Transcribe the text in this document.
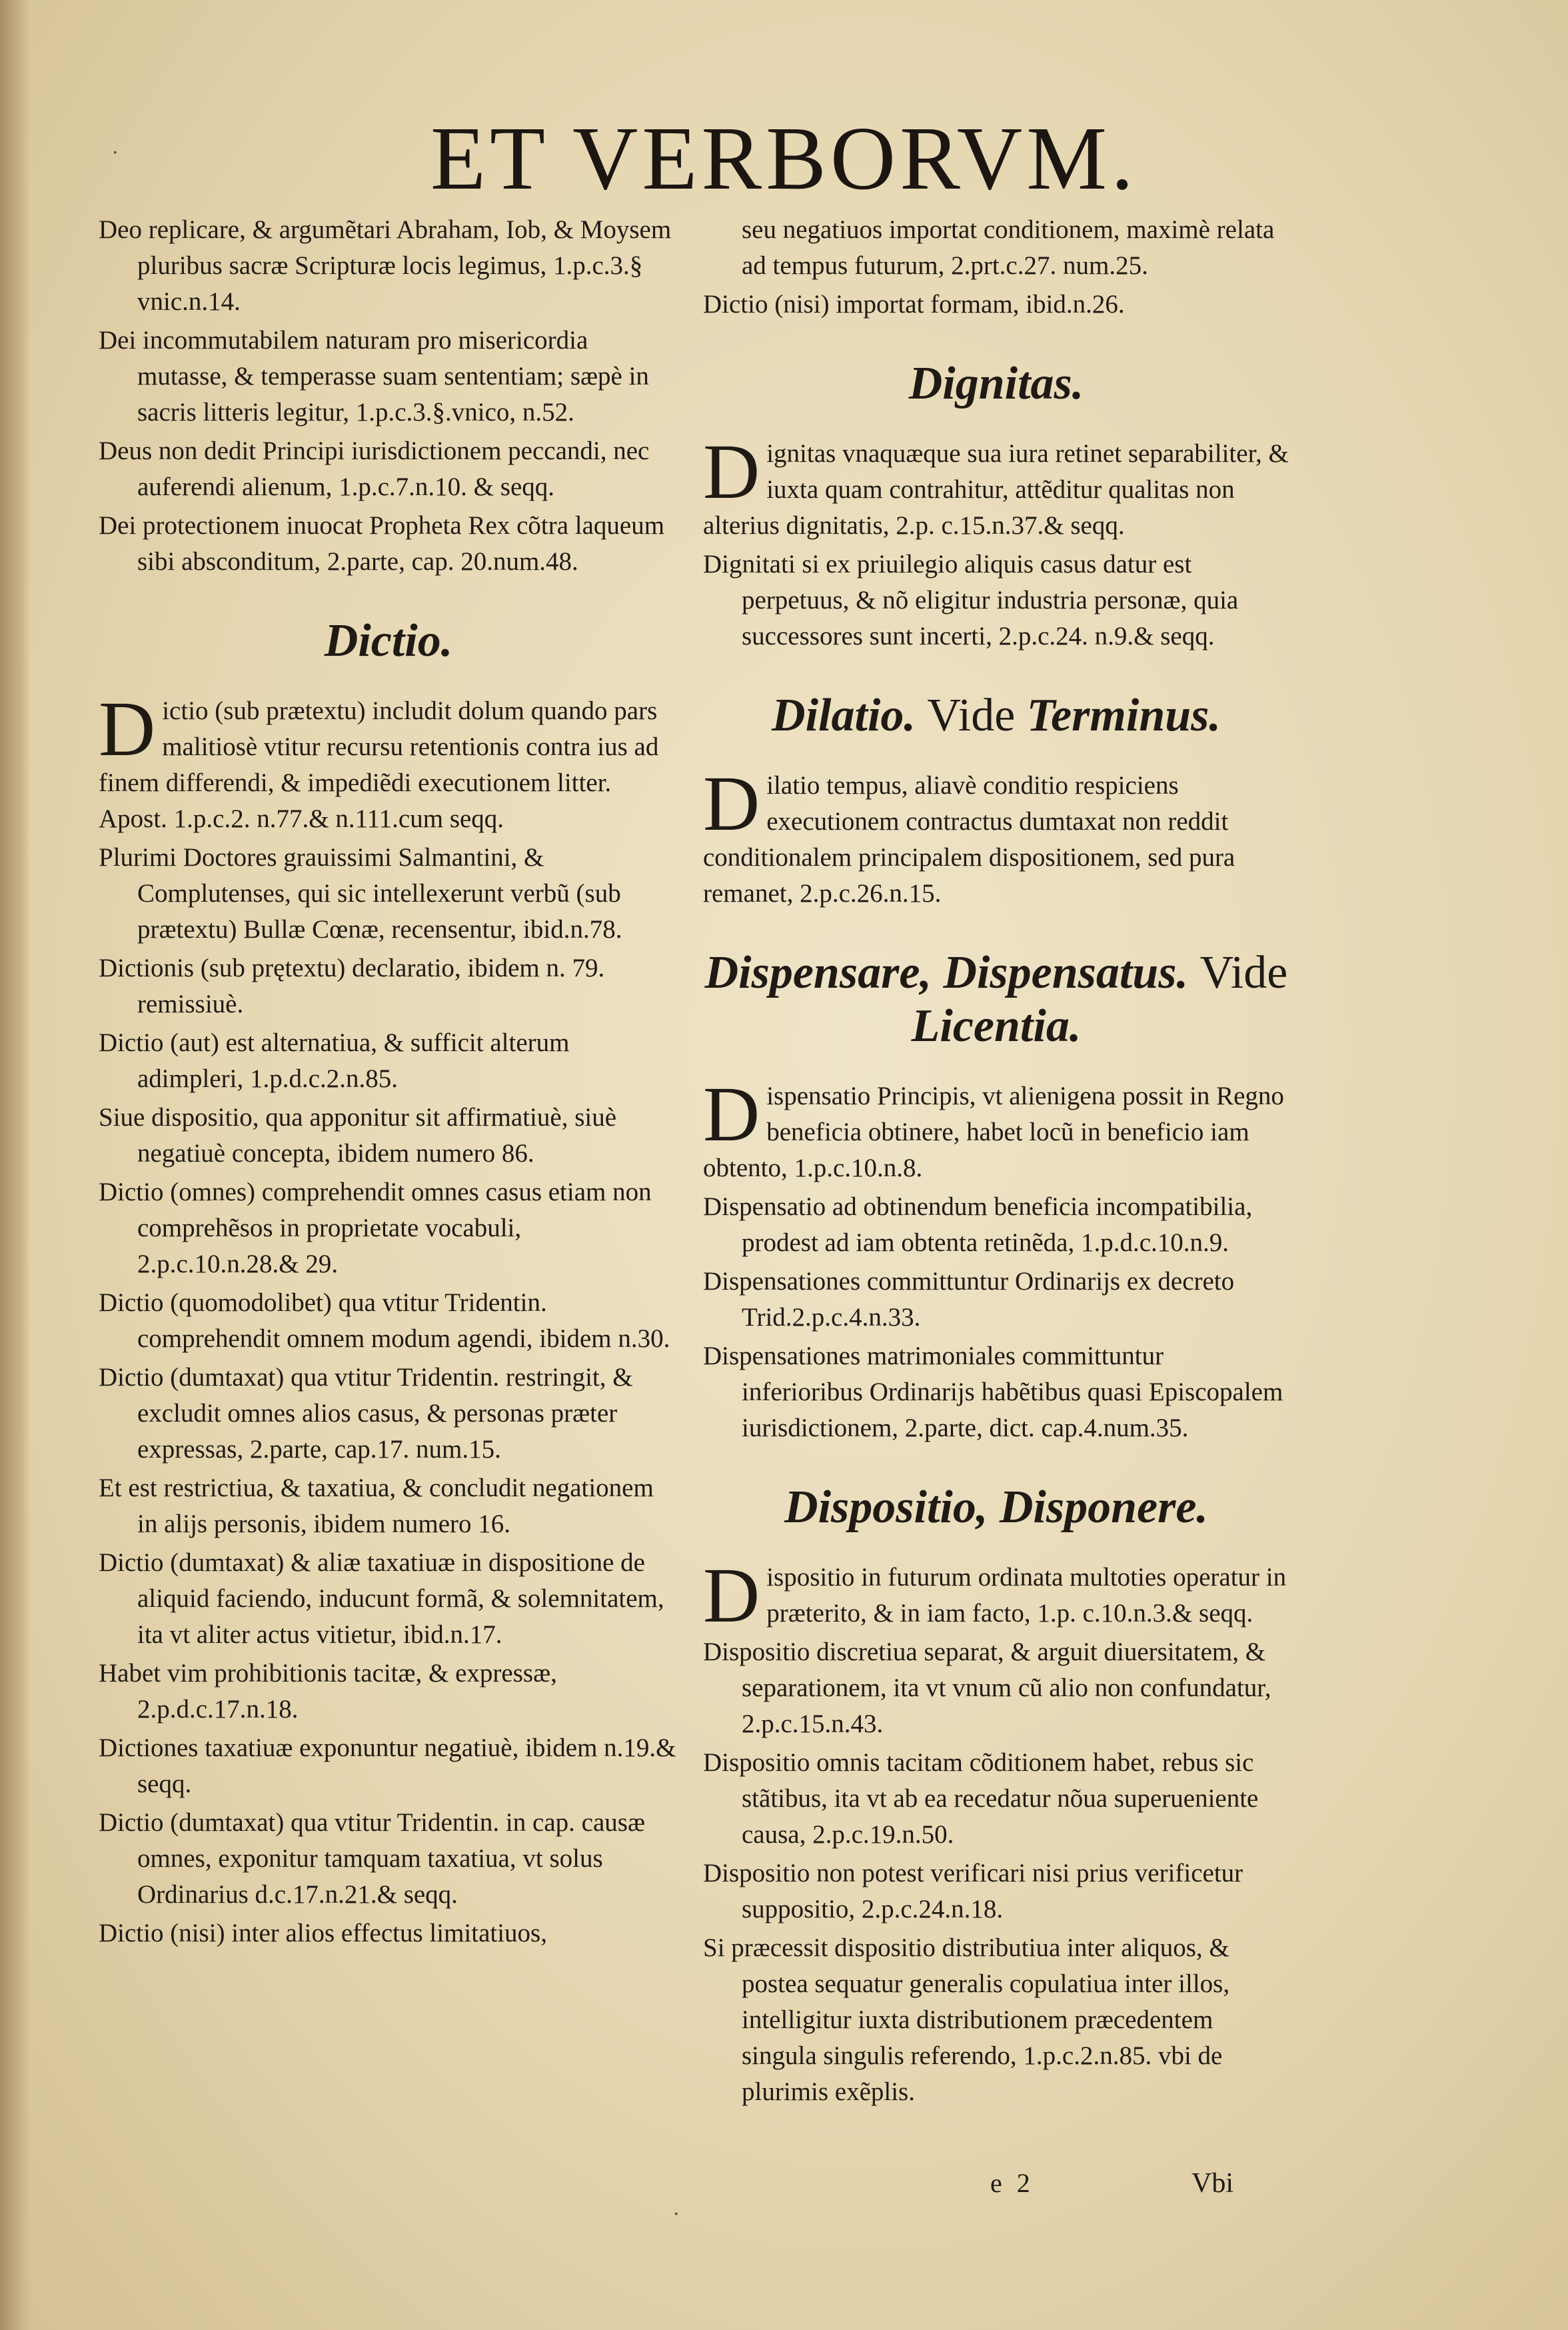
ET VERBORVM.
Deo replicare, & argumẽtari Abraham, Iob, & Moysem pluribus sacræ Scripturæ locis legimus, 1.p.c.3.§ vnic.n.14.
Dei incommutabilem naturam pro misericordia mutasse, & temperasse suam sententiam; sæpè in sacris litteris legitur, 1.p.c.3.§.vnico, n.52.
Deus non dedit Principi iurisdictionem peccandi, nec auferendi alienum, 1.p.c.7.n.10. & seqq.
Dei protectionem inuocat Propheta Rex cõtra laqueum sibi absconditum, 2.parte, cap. 20.num.48.
Dictio.
Dictio (sub prætextu) includit dolum quando pars malitiosè vtitur recursu retentionis contra ius ad finem differendi, & impediẽdi executionem litter. Apost. 1.p.c.2. n.77.& n.111.cum seqq.
Plurimi Doctores grauissimi Salmantini, & Complutenses, qui sic intellexerunt verbũ (sub prætextu) Bullæ Cœnæ, recensentur, ibid.n.78.
Dictionis (sub prętextu) declaratio, ibidem n. 79. remissiuè.
Dictio (aut) est alternatiua, & sufficit alterum adimpleri, 1.p.d.c.2.n.85.
Siue dispositio, qua apponitur sit affirmatiuè, siuè negatiuè concepta, ibidem numero 86.
Dictio (omnes) comprehendit omnes casus etiam non comprehẽsos in proprietate vocabuli, 2.p.c.10.n.28.& 29.
Dictio (quomodolibet) qua vtitur Tridentin. comprehendit omnem modum agendi, ibidem n.30.
Dictio (dumtaxat) qua vtitur Tridentin. restringit, & excludit omnes alios casus, & personas præter expressas, 2.parte, cap.17. num.15.
Et est restrictiua, & taxatiua, & concludit negationem in alijs personis, ibidem numero 16.
Dictio (dumtaxat) & aliæ taxatiuæ in dispositione de aliquid faciendo, inducunt formã, & solemnitatem, ita vt aliter actus vitietur, ibid.n.17.
Habet vim prohibitionis tacitæ, & expressæ, 2.p.d.c.17.n.18.
Dictiones taxatiuæ exponuntur negatiuè, ibidem n.19.& seqq.
Dictio (dumtaxat) qua vtitur Tridentin. in cap. causæ omnes, exponitur tamquam taxatiua, vt solus Ordinarius d.c.17.n.21.& seqq.
Dictio (nisi) inter alios effectus limitatiuos,
seu negatiuos importat conditionem, maximè relata ad tempus futurum, 2.prt.c.27. num.25.
Dictio (nisi) importat formam, ibid.n.26.
Dignitas.
Dignitas vnaquæque sua iura retinet separabiliter, & iuxta quam contrahitur, attẽditur qualitas non alterius dignitatis, 2.p. c.15.n.37.& seqq.
Dignitati si ex priuilegio aliquis casus datur est perpetuus, & nõ eligitur industria personæ, quia successores sunt incerti, 2.p.c.24. n.9.& seqq.
Dilatio. Vide Terminus.
Dilatio tempus, aliavè conditio respiciens executionem contractus dumtaxat non reddit conditionalem principalem dispositionem, sed pura remanet, 2.p.c.26.n.15.
Dispensare, Dispensatus. Vide Licentia.
Dispensatio Principis, vt alienigena possit in Regno beneficia obtinere, habet locũ in beneficio iam obtento, 1.p.c.10.n.8.
Dispensatio ad obtinendum beneficia incompatibilia, prodest ad iam obtenta retinẽda, 1.p.d.c.10.n.9.
Dispensationes committuntur Ordinarijs ex decreto Trid.2.p.c.4.n.33.
Dispensationes matrimoniales committuntur inferioribus Ordinarijs habẽtibus quasi Episcopalem iurisdictionem, 2.parte, dict. cap.4.num.35.
Dispositio, Disponere.
Dispositio in futurum ordinata multoties operatur in præterito, & in iam facto, 1.p. c.10.n.3.& seqq.
Dispositio discretiua separat, & arguit diuersitatem, & separationem, ita vt vnum cũ alio non confundatur, 2.p.c.15.n.43.
Dispositio omnis tacitam cõditionem habet, rebus sic stãtibus, ita vt ab ea recedatur nõua superueniente causa, 2.p.c.19.n.50.
Dispositio non potest verificari nisi prius verificetur suppositio, 2.p.c.24.n.18.
Si præcessit dispositio distributiua inter aliquos, & postea sequatur generalis copulatiua inter illos, intelligitur iuxta distributionem præcedentem singula singulis referendo, 1.p.c.2.n.85. vbi de plurimis exẽplis.
e 2	Vbi
·
·
